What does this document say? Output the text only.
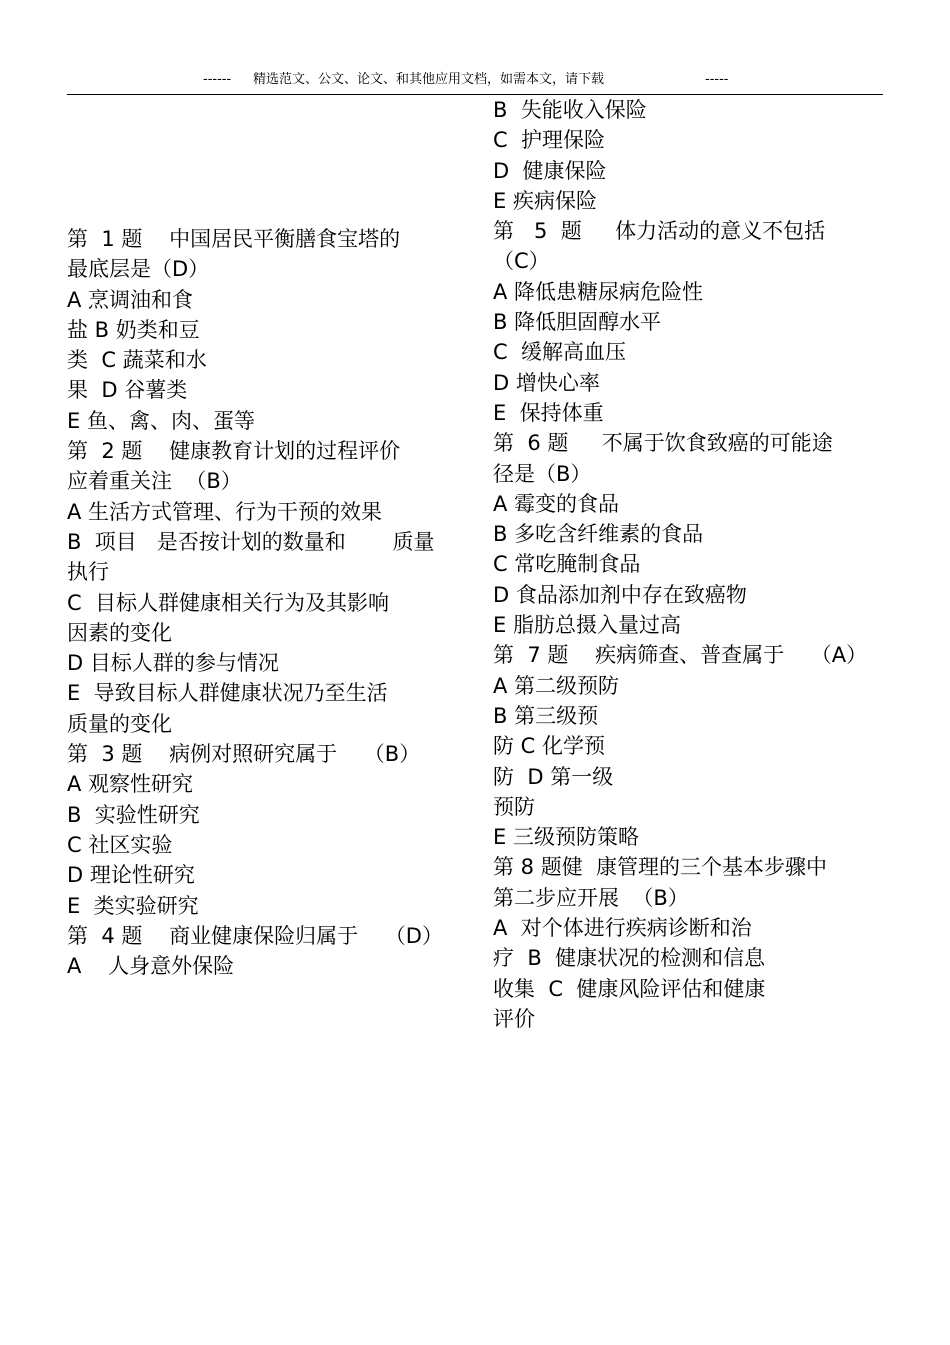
------ 精选范文、公文、论文、和其他应用文档，如需本文，请下载	-----
第  1 题    中国居民平衡膳食宝塔的
最底层是（D）
A 烹调油和食
盐 B 奶类和豆
类  C 蔬菜和水
果  D 谷薯类
E 鱼、禽、肉、蛋等
第  2 题    健康教育计划的过程评价
应着重关注  （B）
A 生活方式管理、行为干预的效果
B  项目   是否按计划的数量和       质量
执行
C  目标人群健康相关行为及其影响
因素的变化
D 目标人群的参与情况
E  导致目标人群健康状况乃至生活
质量的变化
第  3 题    病例对照研究属于    （B）
A 观察性研究
B  实验性研究
C 社区实验
D 理论性研究
E  类实验研究
第  4 题    商业健康保险归属于    （D）
A    人身意外保险
B  失能收入保险
C  护理保险
D  健康保险
E 疾病保险
第   5  题     体力活动的意义不包括
（C）
A 降低患糖尿病危险性
B 降低胆固醇水平
C  缓解高血压
D 增快心率
E  保持体重
第  6 题     不属于饮食致癌的可能途
径是（B）
A 霉变的食品
B 多吃含纤维素的食品
C 常吃腌制食品
D 食品添加剂中存在致癌物
E 脂肪总摄入量过高
第  7 题    疾病筛查、普查属于    （A）
A 第二级预防
B 第三级预
防 C 化学预
防  D 第一级
预防
E 三级预防策略
第 8 题健  康管理的三个基本步骤中
第二步应开展  （B）
A  对个体进行疾病诊断和治
疗  B  健康状况的检测和信息
收集  C  健康风险评估和健康
评价
